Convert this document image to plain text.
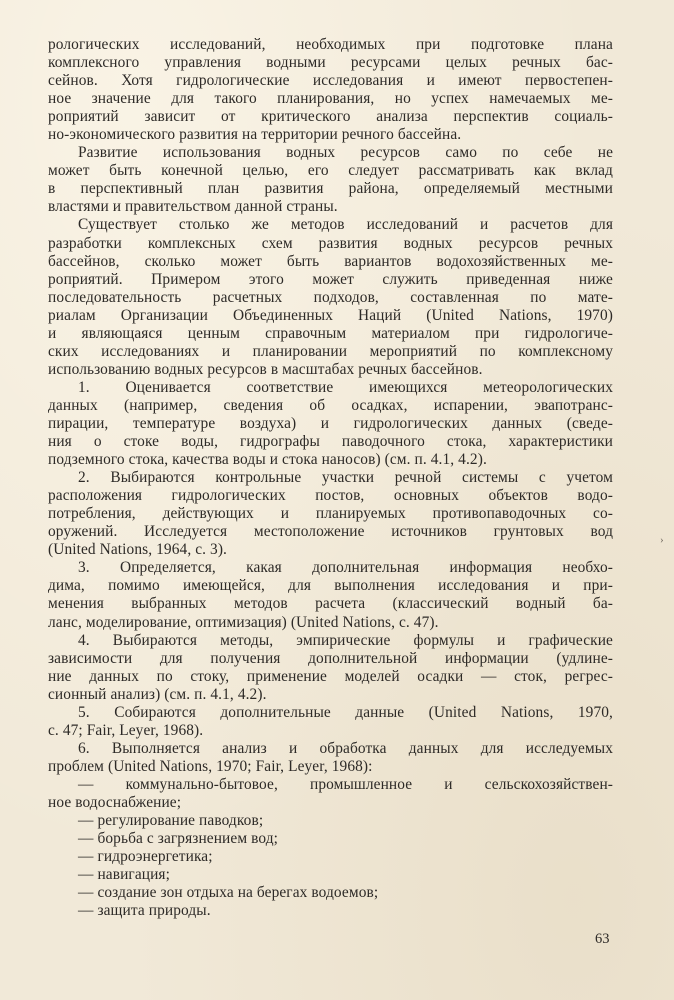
рологических исследований, необходимых при подготовке плана
комплексного управления водными ресурсами целых речных бас-
сейнов. Хотя гидрологические исследования и имеют первостепен-
ное значение для такого планирования, но успех намечаемых ме-
роприятий зависит от критического анализа перспектив социаль-
но-экономического развития на территории речного бассейна.
Развитие использования водных ресурсов само по себе не
может быть конечной целью, его следует рассматривать как вклад
в перспективный план развития района, определяемый местными
властями и правительством данной страны.
Существует столько же методов исследований и расчетов для
разработки комплексных схем развития водных ресурсов речных
бассейнов, сколько может быть вариантов водохозяйственных ме-
роприятий. Примером этого может служить приведенная ниже
последовательность расчетных подходов, составленная по мате-
риалам Организации Объединенных Наций (United Nations, 1970)
и являющаяся ценным справочным материалом при гидрологиче-
ских исследованиях и планировании мероприятий по комплексному
использованию водных ресурсов в масштабах речных бассейнов.
1. Оценивается соответствие имеющихся метеорологических
данных (например, сведения об осадках, испарении, эвапотранс-
пирации, температуре воздуха) и гидрологических данных (сведе-
ния о стоке воды, гидрографы паводочного стока, характеристики
подземного стока, качества воды и стока наносов) (см. п. 4.1, 4.2).
2. Выбираются контрольные участки речной системы с учетом
расположения гидрологических постов, основных объектов водо-
потребления, действующих и планируемых противопаводочных со-
оружений. Исследуется местоположение источников грунтовых вод
(United Nations, 1964, с. 3).
3. Определяется, какая дополнительная информация необхо-
дима, помимо имеющейся, для выполнения исследования и при-
менения выбранных методов расчета (классический водный ба-
ланс, моделирование, оптимизация) (United Nations, с. 47).
4. Выбираются методы, эмпирические формулы и графические
зависимости для получения дополнительной информации (удлине-
ние данных по стоку, применение моделей осадки — сток, регрес-
сионный анализ) (см. п. 4.1, 4.2).
5. Собираются дополнительные данные (United Nations, 1970,
с. 47; Fair, Leyer, 1968).
6. Выполняется анализ и обработка данных для исследуемых
проблем (United Nations, 1970; Fair, Leyer, 1968):
— коммунально-бытовое, промышленное и сельскохозяйствен-
ное водоснабжение;
— регулирование паводков;
— борьба с загрязнением вод;
— гидроэнергетика;
— навигация;
— создание зон отдыха на берегах водоемов;
— защита природы.
›
63
